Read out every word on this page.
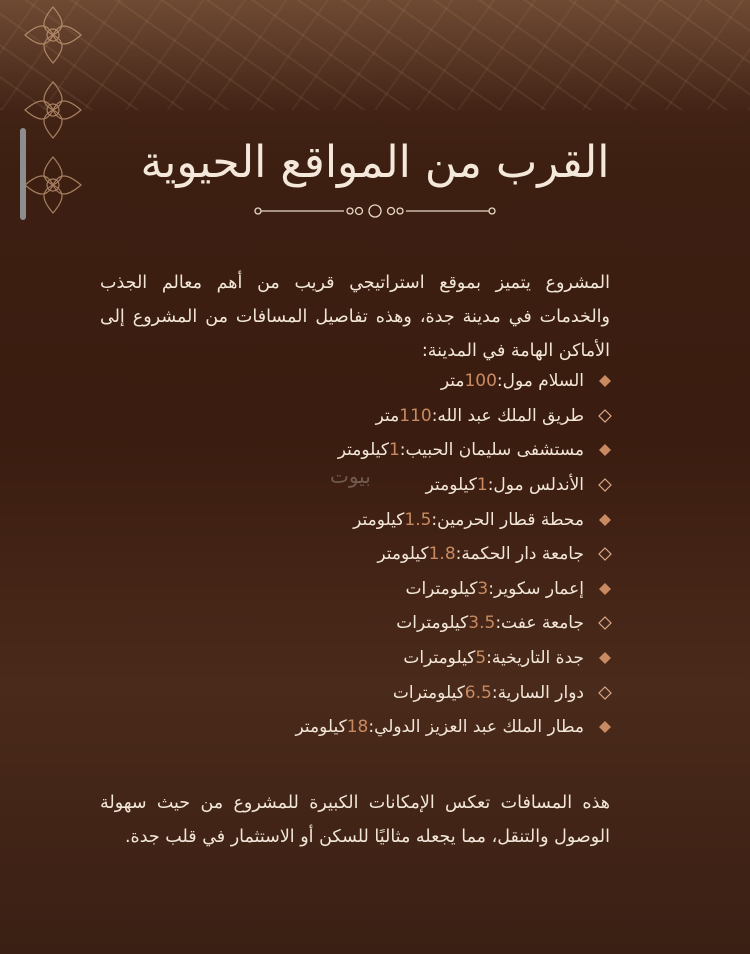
القرب من المواقع الحيوية

المشروع يتميز بموقع استراتيجي قريب من أهم معالم الجذب والخدمات في مدينة جدة، وهذه تفاصيل المسافات من المشروع إلى الأماكن الهامة في المدينة:

السلام مول:
100
متر
طريق الملك عبد الله:
110
متر
مستشفى سليمان الحبيب:
1
كيلومتر
الأندلس مول:
1
كيلومتر
محطة قطار الحرمين:
1.5
كيلومتر
جامعة دار الحكمة:
1.8
كيلومتر
إعمار سكوير:
3
كيلومترات
جامعة عفت:
3.5
كيلومترات
جدة التاريخية:
5
كيلومترات
دوار السارية:
6.5
كيلومترات
مطار الملك عبد العزيز الدولي:
18
كيلومتر
بيوت

هذه المسافات تعكس الإمكانات الكبيرة للمشروع من حيث سهولة الوصول والتنقل، مما يجعله مثاليًا للسكن أو الاستثمار في قلب جدة.
